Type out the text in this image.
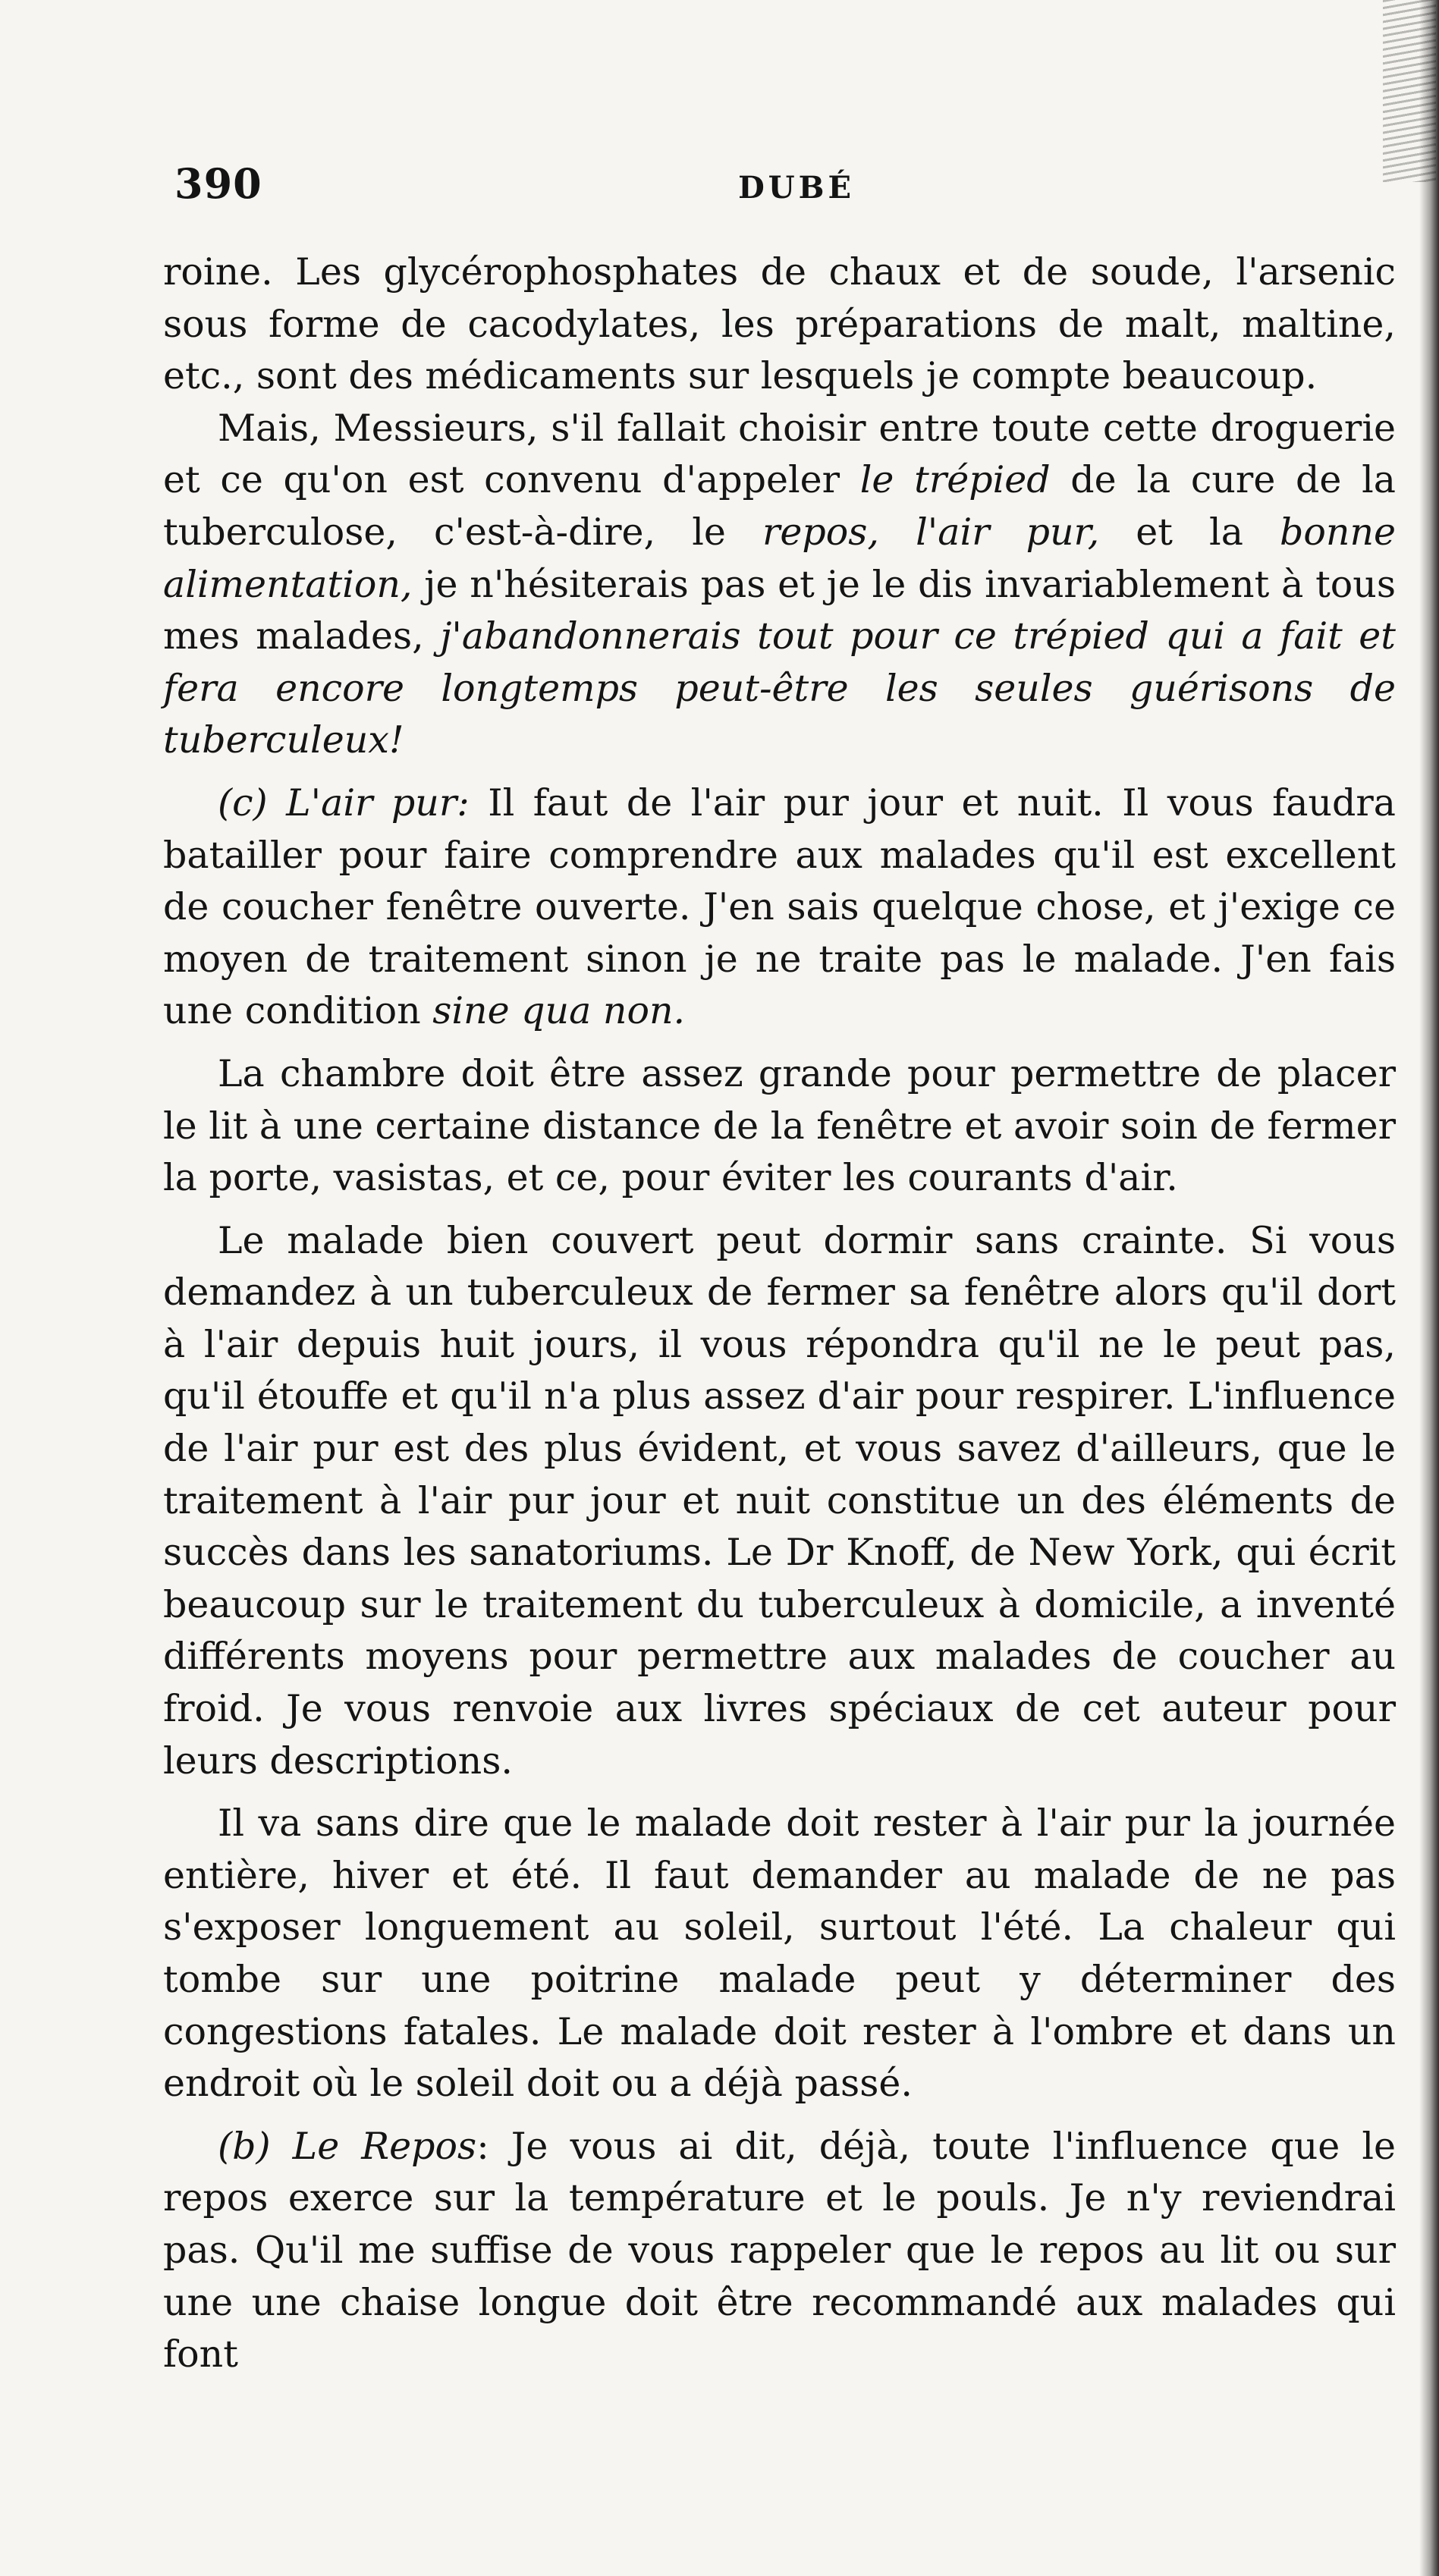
390	DUBÉ

roine. Les glycérophosphates de chaux et de soude, l'arsenic sous forme de cacodylates, les préparations de malt, maltine, etc., sont des médicaments sur lesquels je compte beaucoup.

Mais, Messieurs, s'il fallait choisir entre toute cette droguerie et ce qu'on est convenu d'appeler le trépied de la cure de la tuberculose, c'est-à-dire, le repos, l'air pur, et la bonne alimentation, je n'hésiterais pas et je le dis invariablement à tous mes malades, j'abandonnerais tout pour ce trépied qui a fait et fera encore longtemps peut-être les seules guérisons de tuberculeux!

(c) L'air pur: Il faut de l'air pur jour et nuit. Il vous faudra batailler pour faire comprendre aux malades qu'il est excellent de coucher fenêtre ouverte. J'en sais quelque chose, et j'exige ce moyen de traitement sinon je ne traite pas le malade. J'en fais une condition sine qua non.

La chambre doit être assez grande pour permettre de placer le lit à une certaine distance de la fenêtre et avoir soin de fermer la porte, vasistas, et ce, pour éviter les courants d'air.

Le malade bien couvert peut dormir sans crainte. Si vous demandez à un tuberculeux de fermer sa fenêtre alors qu'il dort à l'air depuis huit jours, il vous répondra qu'il ne le peut pas, qu'il étouffe et qu'il n'a plus assez d'air pour respirer. L'influence de l'air pur est des plus évident, et vous savez d'ailleurs, que le traitement à l'air pur jour et nuit constitue un des éléments de succès dans les sanatoriums. Le Dr Knoff, de New York, qui écrit beaucoup sur le traitement du tuberculeux à domicile, a inventé différents moyens pour permettre aux malades de coucher au froid. Je vous renvoie aux livres spéciaux de cet auteur pour leurs descriptions.

Il va sans dire que le malade doit rester à l'air pur la journée entière, hiver et été. Il faut demander au malade de ne pas s'exposer longuement au soleil, surtout l'été. La chaleur qui tombe sur une poitrine malade peut y déterminer des congestions fatales. Le malade doit rester à l'ombre et dans un endroit où le soleil doit ou a déjà passé.

(b) Le Repos: Je vous ai dit, déjà, toute l'influence que le repos exerce sur la température et le pouls. Je n'y reviendrai pas. Qu'il me suffise de vous rappeler que le repos au lit ou sur une une chaise longue doit être recommandé aux malades qui font
